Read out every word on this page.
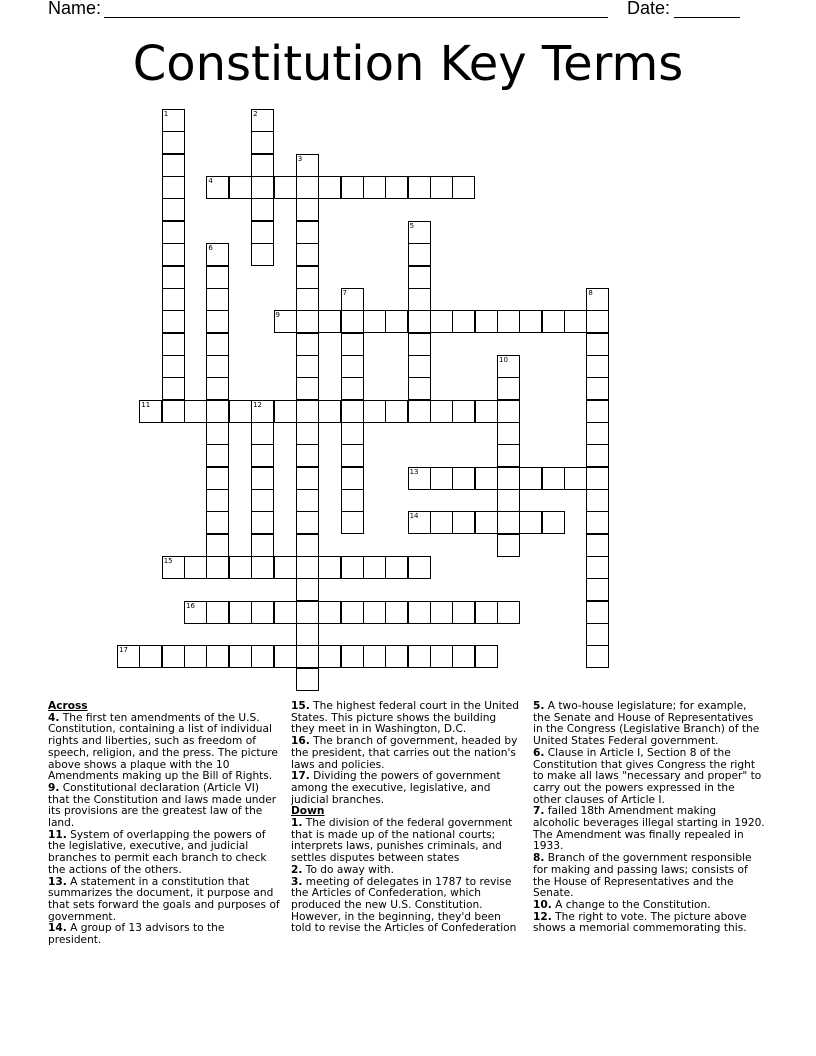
Name:	Date:
Constitution Key Terms
1	2
3
4
5
6
7	8
9
10
11	12
13
14
15
16
17

Across

4. The first ten amendments of the U.S. Constitution, containing a list of individual rights and liberties, such as freedom of speech, religion, and the press. The picture above shows a plaque with the 10 Amendments making up the Bill of Rights.

9. Constitutional declaration (Article VI) that the Constitution and laws made under its provisions are the greatest law of the land.

11. System of overlapping the powers of the legislative, executive, and judicial branches to permit each branch to check the actions of the others.

13. A statement in a constitution that summarizes the document, it purpose and that sets forward the goals and purposes of government.

14. A group of 13 advisors to the president.

15. The highest federal court in the United States. This picture shows the building they meet in in Washington, D.C.

16. The branch of government, headed by the president, that carries out the nation's laws and policies.

17. Dividing the powers of government among the executive, legislative, and judicial branches.

Down

1. The division of the federal government that is made up of the national courts; interprets laws, punishes criminals, and settles disputes between states

2. To do away with.

3. meeting of delegates in 1787 to revise the Articles of Confederation, which produced the new U.S. Constitution. However, in the beginning, they'd been told to revise the Articles of Confederation

5. A two-house legislature; for example, the Senate and House of Representatives in the Congress (Legislative Branch) of the United States Federal government.

6. Clause in Article I, Section 8 of the Constitution that gives Congress the right to make all laws "necessary and proper" to carry out the powers expressed in the other clauses of Article I.

7. failed 18th Amendment making alcoholic beverages illegal starting in 1920. The Amendment was finally repealed in 1933.

8. Branch of the government responsible for making and passing laws; consists of the House of Representatives and the Senate.

10. A change to the Constitution.

12. The right to vote. The picture above shows a memorial commemorating this.
